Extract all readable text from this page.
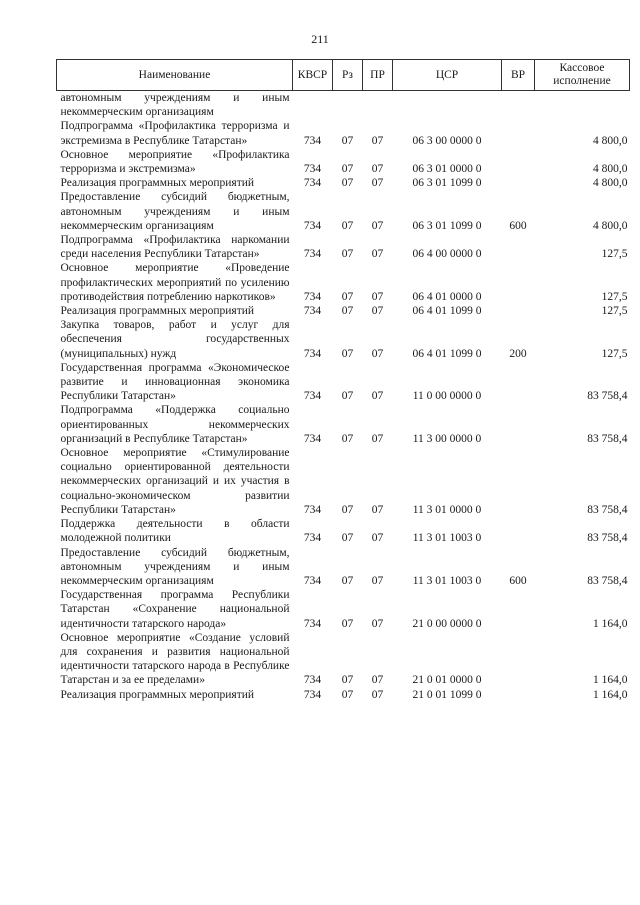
211
Наименование	КВСР	Рз	ПР	ЦСР	ВР	Кассовое исполнение
автономным учреждениям и иным некоммерческим организациям						
Подпрограмма «Профилактика терроризма и экстремизма в Республике Татарстан»	734	07	07	06 3 00 0000 0		4 800,0
Основное мероприятие «Профилактика терроризма и экстремизма»	734	07	07	06 3 01 0000 0		4 800,0
Реализация программных мероприятий	734	07	07	06 3 01 1099 0		4 800,0
Предоставление субсидий бюджетным, автономным учреждениям и иным некоммерческим организациям	734	07	07	06 3 01 1099 0	600	4 800,0
Подпрограмма «Профилактика наркомании среди населения Республики Татарстан»	734	07	07	06 4 00 0000 0		127,5
Основное мероприятие «Проведение профилактических мероприятий по усилению противодействия потреблению наркотиков»	734	07	07	06 4 01 0000 0		127,5
Реализация программных мероприятий	734	07	07	06 4 01 1099 0		127,5
Закупка товаров, работ и услуг для обеспечения государственных (муниципальных) нужд	734	07	07	06 4 01 1099 0	200	127,5
Государственная программа «Экономическое развитие и инновационная экономика Республики Татарстан»	734	07	07	11 0 00 0000 0		83 758,4
Подпрограмма «Поддержка социально ориентированных некоммерческих организаций в Республике Татарстан»	734	07	07	11 3 00 0000 0		83 758,4
Основное мероприятие «Стимулирование социально ориентированной деятельности некоммерческих организаций и их участия в социально-экономическом развитии Республики Татарстан»	734	07	07	11 3 01 0000 0		83 758,4
Поддержка деятельности в области молодежной политики	734	07	07	11 3 01 1003 0		83 758,4
Предоставление субсидий бюджетным, автономным учреждениям и иным некоммерческим организациям	734	07	07	11 3 01 1003 0	600	83 758,4
Государственная программа Республики Татарстан «Сохранение национальной идентичности татарского народа»	734	07	07	21 0 00 0000 0		1 164,0
Основное мероприятие «Создание условий для сохранения и развития национальной идентичности татарского народа в Республике Татарстан и за ее пределами»	734	07	07	21 0 01 0000 0		1 164,0
Реализация программных мероприятий	734	07	07	21 0 01 1099 0		1 164,0
